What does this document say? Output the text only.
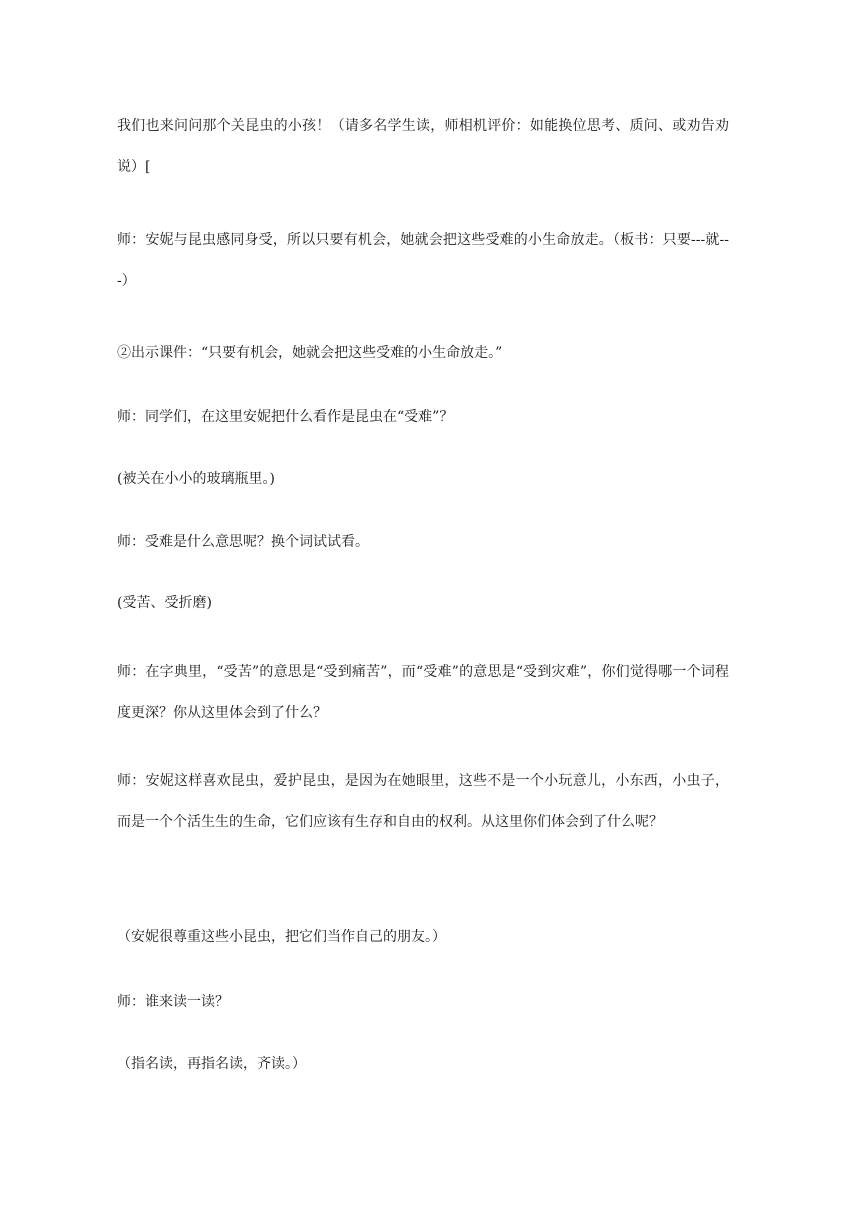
我们也来问问那个关昆虫的小孩！（请多名学生读，师相机评价：如能换位思考、质问、或劝告劝说）[

师：安妮与昆虫感同身受，所以只要有机会，她就会把这些受难的小生命放走。（板书：只要---就---）

②出示课件：“只要有机会，她就会把这些受难的小生命放走。”

师：同学们，在这里安妮把什么看作是昆虫在“受难”？

(被关在小小的玻璃瓶里。)

师：受难是什么意思呢？换个词试试看。

(受苦、受折磨)

师：在字典里，“受苦”的意思是“受到痛苦”，而“受难”的意思是“受到灾难”，你们觉得哪一个词程度更深？你从这里体会到了什么？

师：安妮这样喜欢昆虫，爱护昆虫，是因为在她眼里，这些不是一个小玩意儿，小东西，小虫子，而是一个个活生生的生命，它们应该有生存和自由的权利。从这里你们体会到了什么呢？

（安妮很尊重这些小昆虫，把它们当作自己的朋友。）

师：谁来读一读？

（指名读，再指名读，齐读。）
